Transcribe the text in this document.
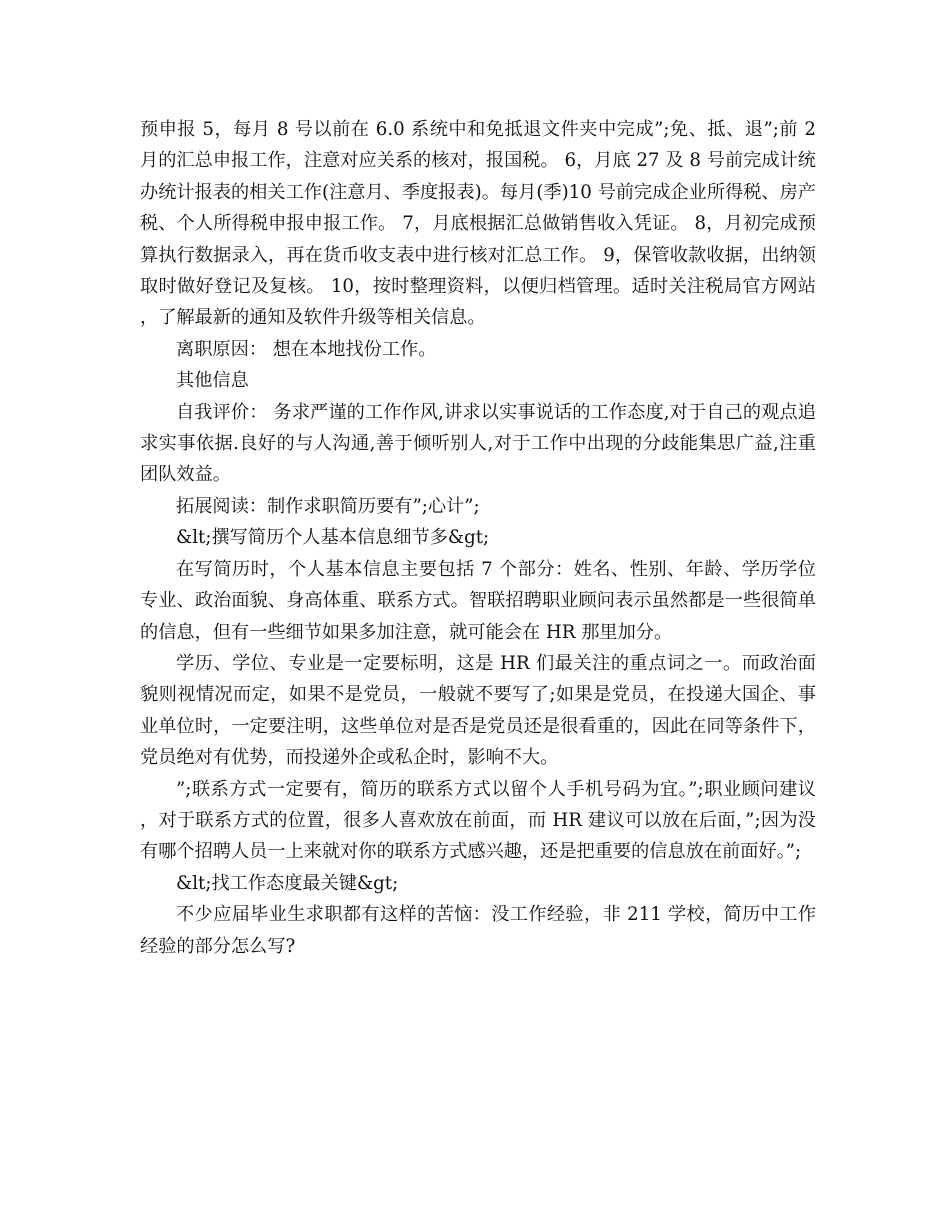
预申报 5，每月 8 号以前在 6.0 系统中和免抵退文件夹中完成”;免、抵、退”;前 2 月的汇总申报工作，注意对应关系的核对，报国税。 6，月底 27 及 8 号前完成计统办统计报表的相关工作(注意月、季度报表)。每月(季)10 号前完成企业所得税、房产税、个人所得税申报申报工作。 7，月底根据汇总做销售收入凭证。 8，月初完成预算执行数据录入，再在货币收支表中进行核对汇总工作。 9，保管收款收据，出纳领取时做好登记及复核。 10，按时整理资料，以便归档管理。适时关注税局官方网站，了解最新的通知及软件升级等相关信息。

离职原因： 想在本地找份工作。

其他信息

自我评价： 务求严谨的工作作风,讲求以实事说话的工作态度,对于自己的观点追求实事依据.良好的与人沟通,善于倾听别人,对于工作中出现的分歧能集思广益,注重团队效益。

拓展阅读：制作求职简历要有”;心计”;

&lt;撰写简历个人基本信息细节多&gt;

在写简历时，个人基本信息主要包括 7 个部分：姓名、性别、年龄、学历学位专业、政治面貌、身高体重、联系方式。智联招聘职业顾问表示虽然都是一些很简单的信息，但有一些细节如果多加注意，就可能会在 HR 那里加分。

学历、学位、专业是一定要标明，这是 HR 们最关注的重点词之一。而政治面貌则视情况而定，如果不是党员，一般就不要写了;如果是党员，在投递大国企、事业单位时，一定要注明，这些单位对是否是党员还是很看重的，因此在同等条件下，党员绝对有优势，而投递外企或私企时，影响不大。

”;联系方式一定要有，简历的联系方式以留个人手机号码为宜。”;职业顾问建议，对于联系方式的位置，很多人喜欢放在前面，而 HR 建议可以放在后面，”;因为没有哪个招聘人员一上来就对你的联系方式感兴趣，还是把重要的信息放在前面好。”;

&lt;找工作态度最关键&gt;

不少应届毕业生求职都有这样的苦恼：没工作经验，非 211 学校，简历中工作经验的部分怎么写?
